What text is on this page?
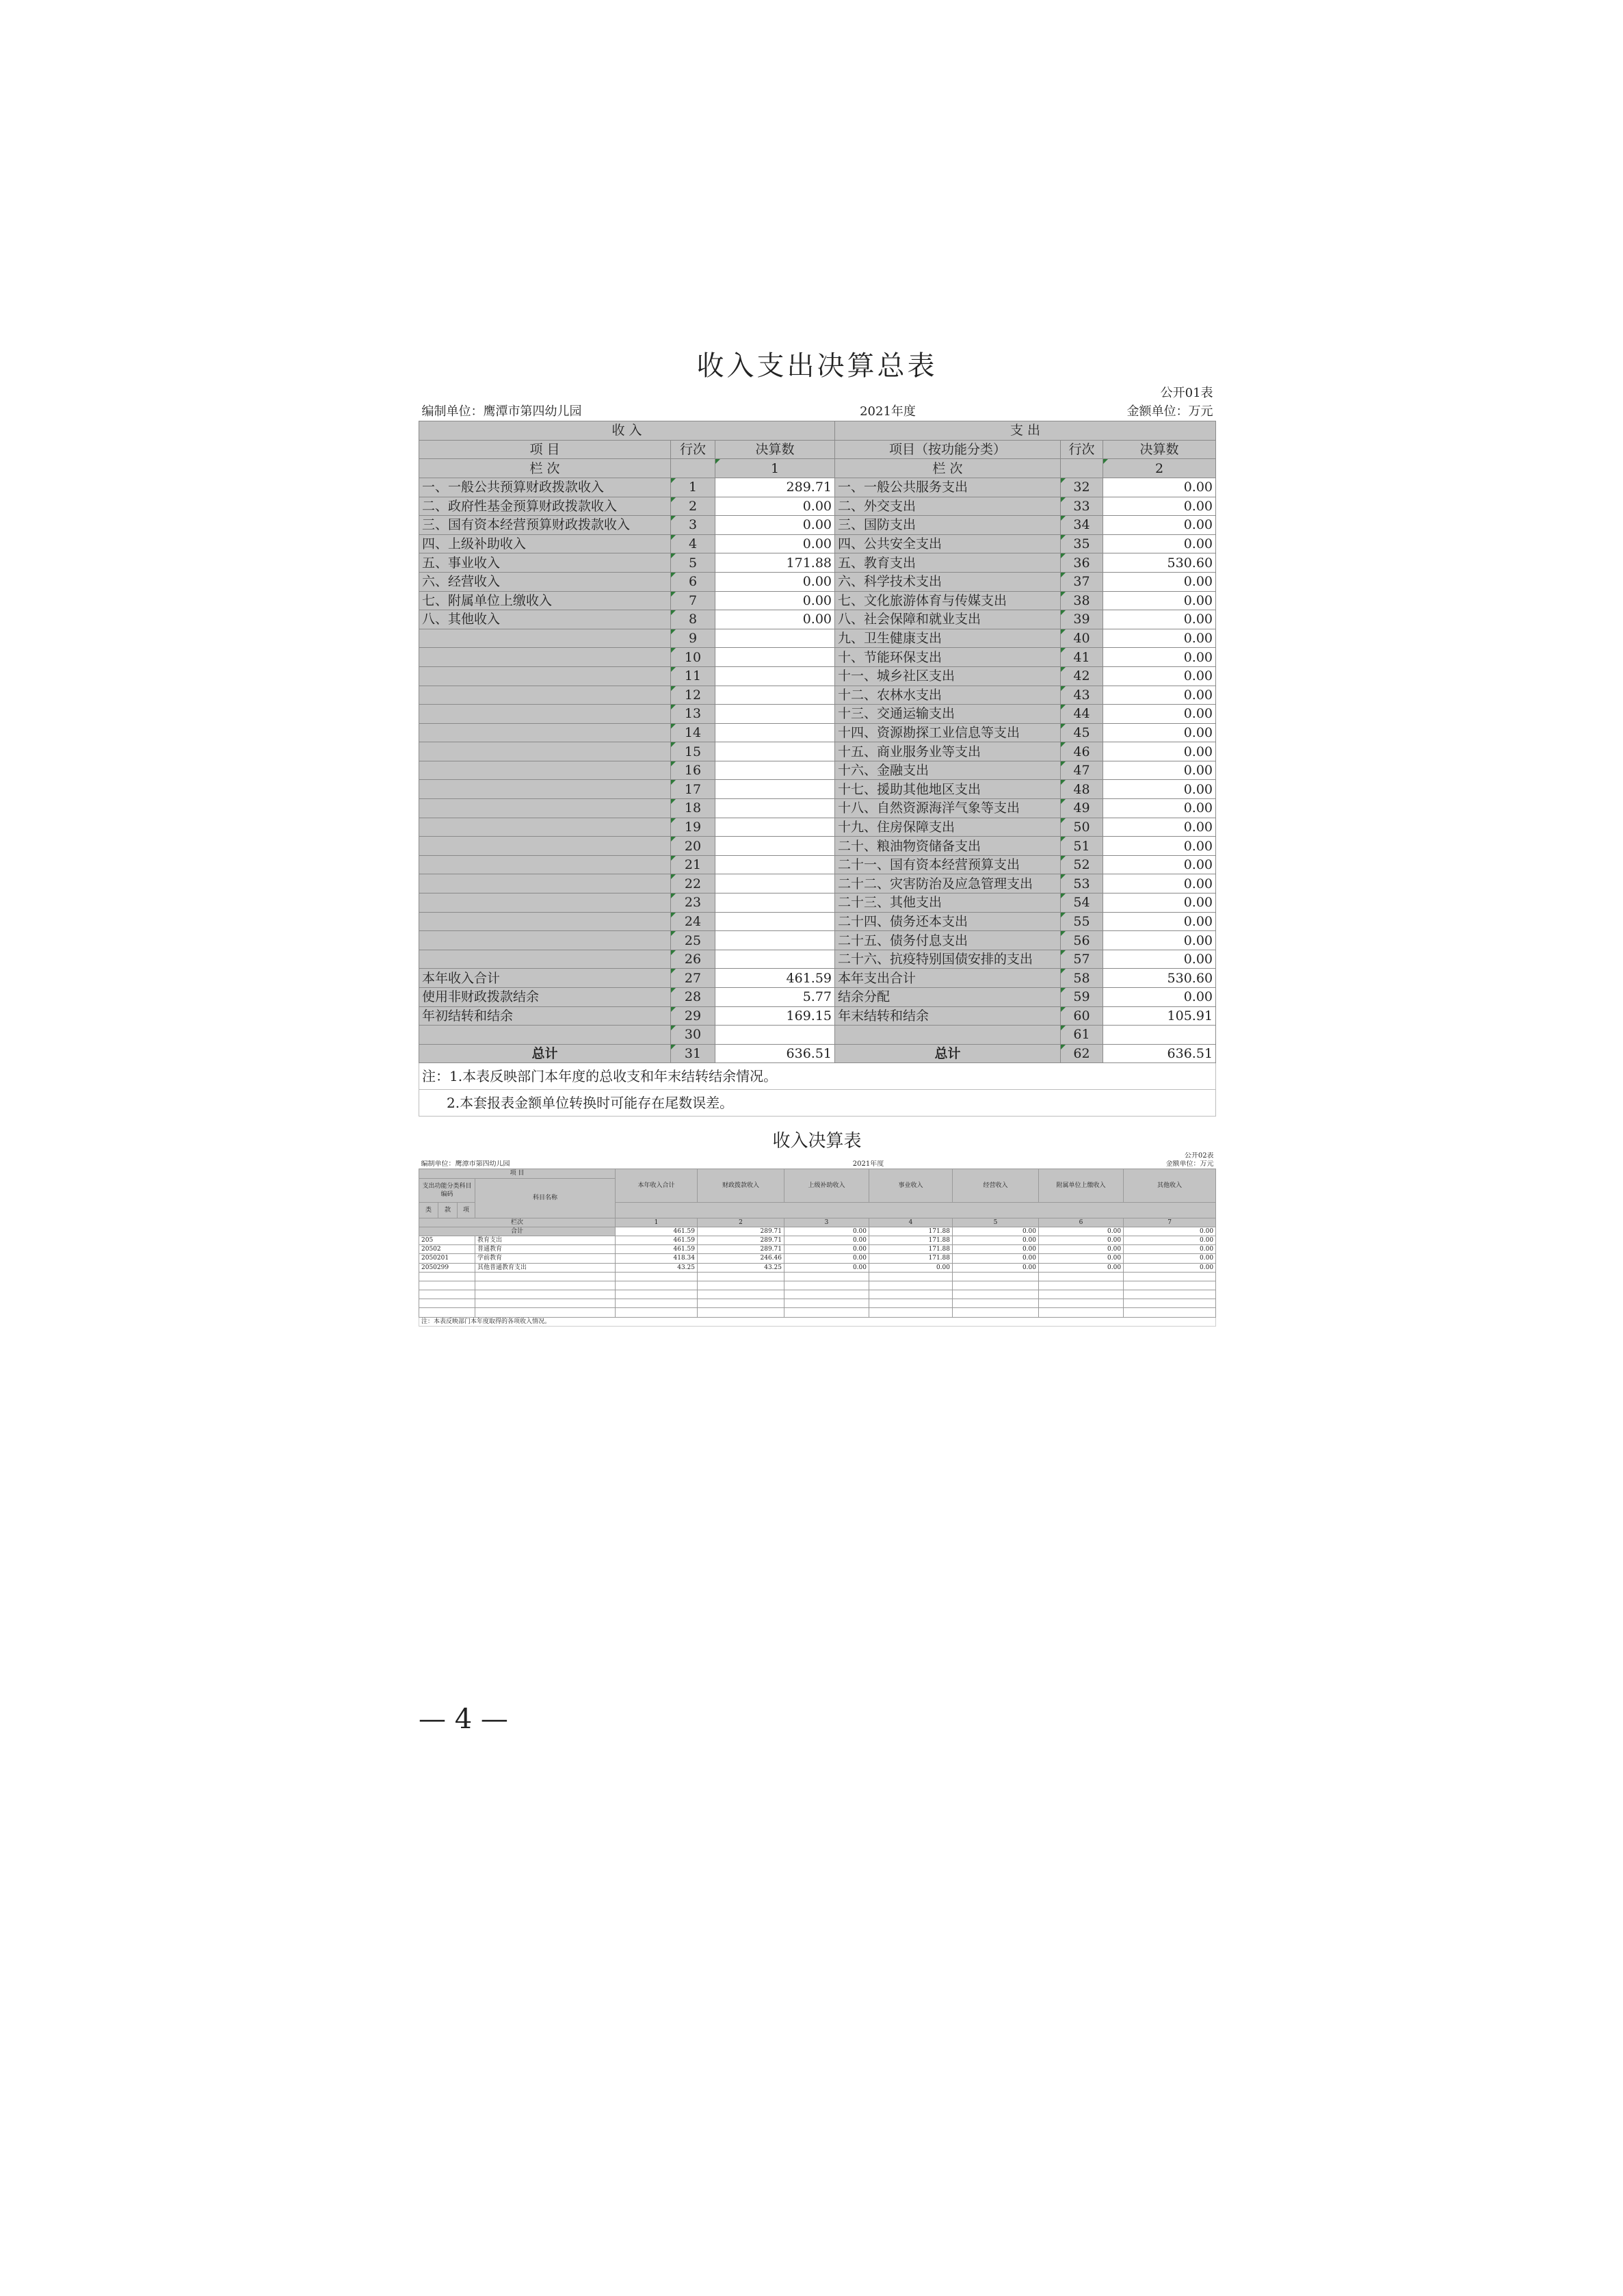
收入支出决算总表
					公开01表
编制单位：鹰潭市第四幼儿园		2021年度			金额单位：万元
收 入			支 出		
项 目	行次	决算数	项目（按功能分类）	行次	决算数
栏 次		1	栏 次		2
一、一般公共预算财政拨款收入	1	289.71	一、一般公共服务支出	32	0.00
二、政府性基金预算财政拨款收入	2	0.00	二、外交支出	33	0.00
三、国有资本经营预算财政拨款收入	3	0.00	三、国防支出	34	0.00
四、上级补助收入	4	0.00	四、公共安全支出	35	0.00
五、事业收入	5	171.88	五、教育支出	36	530.60
六、经营收入	6	0.00	六、科学技术支出	37	0.00
七、附属单位上缴收入	7	0.00	七、文化旅游体育与传媒支出	38	0.00
八、其他收入	8	0.00	八、社会保障和就业支出	39	0.00
	9		九、卫生健康支出	40	0.00
	10		十、节能环保支出	41	0.00
	11		十一、城乡社区支出	42	0.00
	12		十二、农林水支出	43	0.00
	13		十三、交通运输支出	44	0.00
	14		十四、资源勘探工业信息等支出	45	0.00
	15		十五、商业服务业等支出	46	0.00
	16		十六、金融支出	47	0.00
	17		十七、援助其他地区支出	48	0.00
	18		十八、自然资源海洋气象等支出	49	0.00
	19		十九、住房保障支出	50	0.00
	20		二十、粮油物资储备支出	51	0.00
	21		二十一、国有资本经营预算支出	52	0.00
	22		二十二、灾害防治及应急管理支出	53	0.00
	23		二十三、其他支出	54	0.00
	24		二十四、债务还本支出	55	0.00
	25		二十五、债务付息支出	56	0.00
	26		二十六、抗疫特别国债安排的支出	57	0.00
本年收入合计	27	461.59	本年支出合计	58	530.60
使用非财政拨款结余	28	5.77	结余分配	59	0.00
年初结转和结余	29	169.15	年末结转和结余	60	105.91
	30			61	
总计	31	636.51	总计	62	636.51
注：1.本表反映部门本年度的总收支和年末结转结余情况。					
2.本套报表金额单位转换时可能存在尾数误差。					
收入决算表
										公开02表
编制单位：鹰潭市第四幼儿园						2021年度				金额单位：万元
项 目				本年收入合计	财政拨款收入	上级补助收入	事业收入	经营收入	附属单位上缴收入	其他收入
支出功能分类科目编码			科目名称							
类	款	项								
栏次				1	2	3	4	5	6	7
合计				461.59	289.71	0.00	171.88	0.00	0.00	0.00
205			教育支出	461.59	289.71	0.00	171.88	0.00	0.00	0.00
20502			普通教育	461.59	289.71	0.00	171.88	0.00	0.00	0.00
2050201			学前教育	418.34	246.46	0.00	171.88	0.00	0.00	0.00
2050299			其他普通教育支出	43.25	43.25	0.00	0.00	0.00	0.00	0.00

注：本表反映部门本年度取得的各项收入情况。										
— 4 —
